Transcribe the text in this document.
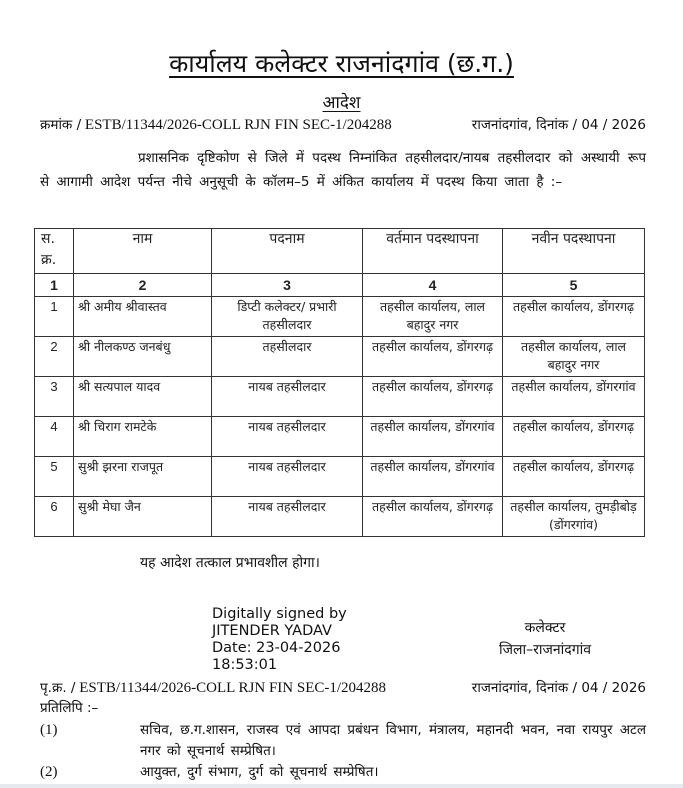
कार्यालय कलेक्टर राजनांदगांव (छ.ग.)
आदेश
क्रमांक / ESTB/11344/2026-COLL RJN FIN SEC-1/204288	राजनांदगांव, दिनांक / 04 / 2026
प्रशासनिक दृष्टिकोण से जिले में पदस्थ निम्नांकित तहसीलदार/नायब तहसीलदार को अस्थायी रूप से आगामी आदेश पर्यन्त नीचे अनुसूची के कॉलम–5 में अंकित कार्यालय में पदस्थ किया जाता है :–
स. क्र.	नाम	पदनाम	वर्तमान पदस्थापना	नवीन पदस्थापना
1	2	3	4	5
1	श्री अमीय श्रीवास्तव	डिप्टी कलेक्टर/ प्रभारी तहसीलदार	तहसील कार्यालय, लाल बहादुर नगर	तहसील कार्यालय, डोंगरगढ़
2	श्री नीलकण्ठ जनबंधु	तहसीलदार	तहसील कार्यालय, डोंगरगढ़	तहसील कार्यालय, लाल बहादुर नगर
3	श्री सत्यपाल यादव	नायब तहसीलदार	तहसील कार्यालय, डोंगरगढ़	तहसील कार्यालय, डोंगरगांव
4	श्री चिराग रामटेके	नायब तहसीलदार	तहसील कार्यालय, डोंगरगांव	तहसील कार्यालय, डोंगरगढ़
5	सुश्री झरना राजपूत	नायब तहसीलदार	तहसील कार्यालय, डोंगरगांव	तहसील कार्यालय, डोंगरगढ़
6	सुश्री मेघा जैन	नायब तहसीलदार	तहसील कार्यालय, डोंगरगढ़	तहसील कार्यालय, तुमड़ीबोड़ (डोंगरगांव)
यह आदेश तत्काल प्रभावशील होगा।
Digitally signed by
JITENDER YADAV
Date: 23-04-2026
18:53:01
कलेक्टर
जिला–राजनांदगांव
पृ.क्र. / ESTB/11344/2026-COLL RJN FIN SEC-1/204288	राजनांदगांव, दिनांक / 04 / 2026
प्रतिलिपि :–
(1)	सचिव, छ.ग.शासन, राजस्व एवं आपदा प्रबंधन विभाग, मंत्रालय, महानदी भवन, नवा रायपुर अटल नगर को सूचनार्थ सम्प्रेषित।
(2)	आयुक्त, दुर्ग संभाग, दुर्ग को सूचनार्थ सम्प्रेषित।
